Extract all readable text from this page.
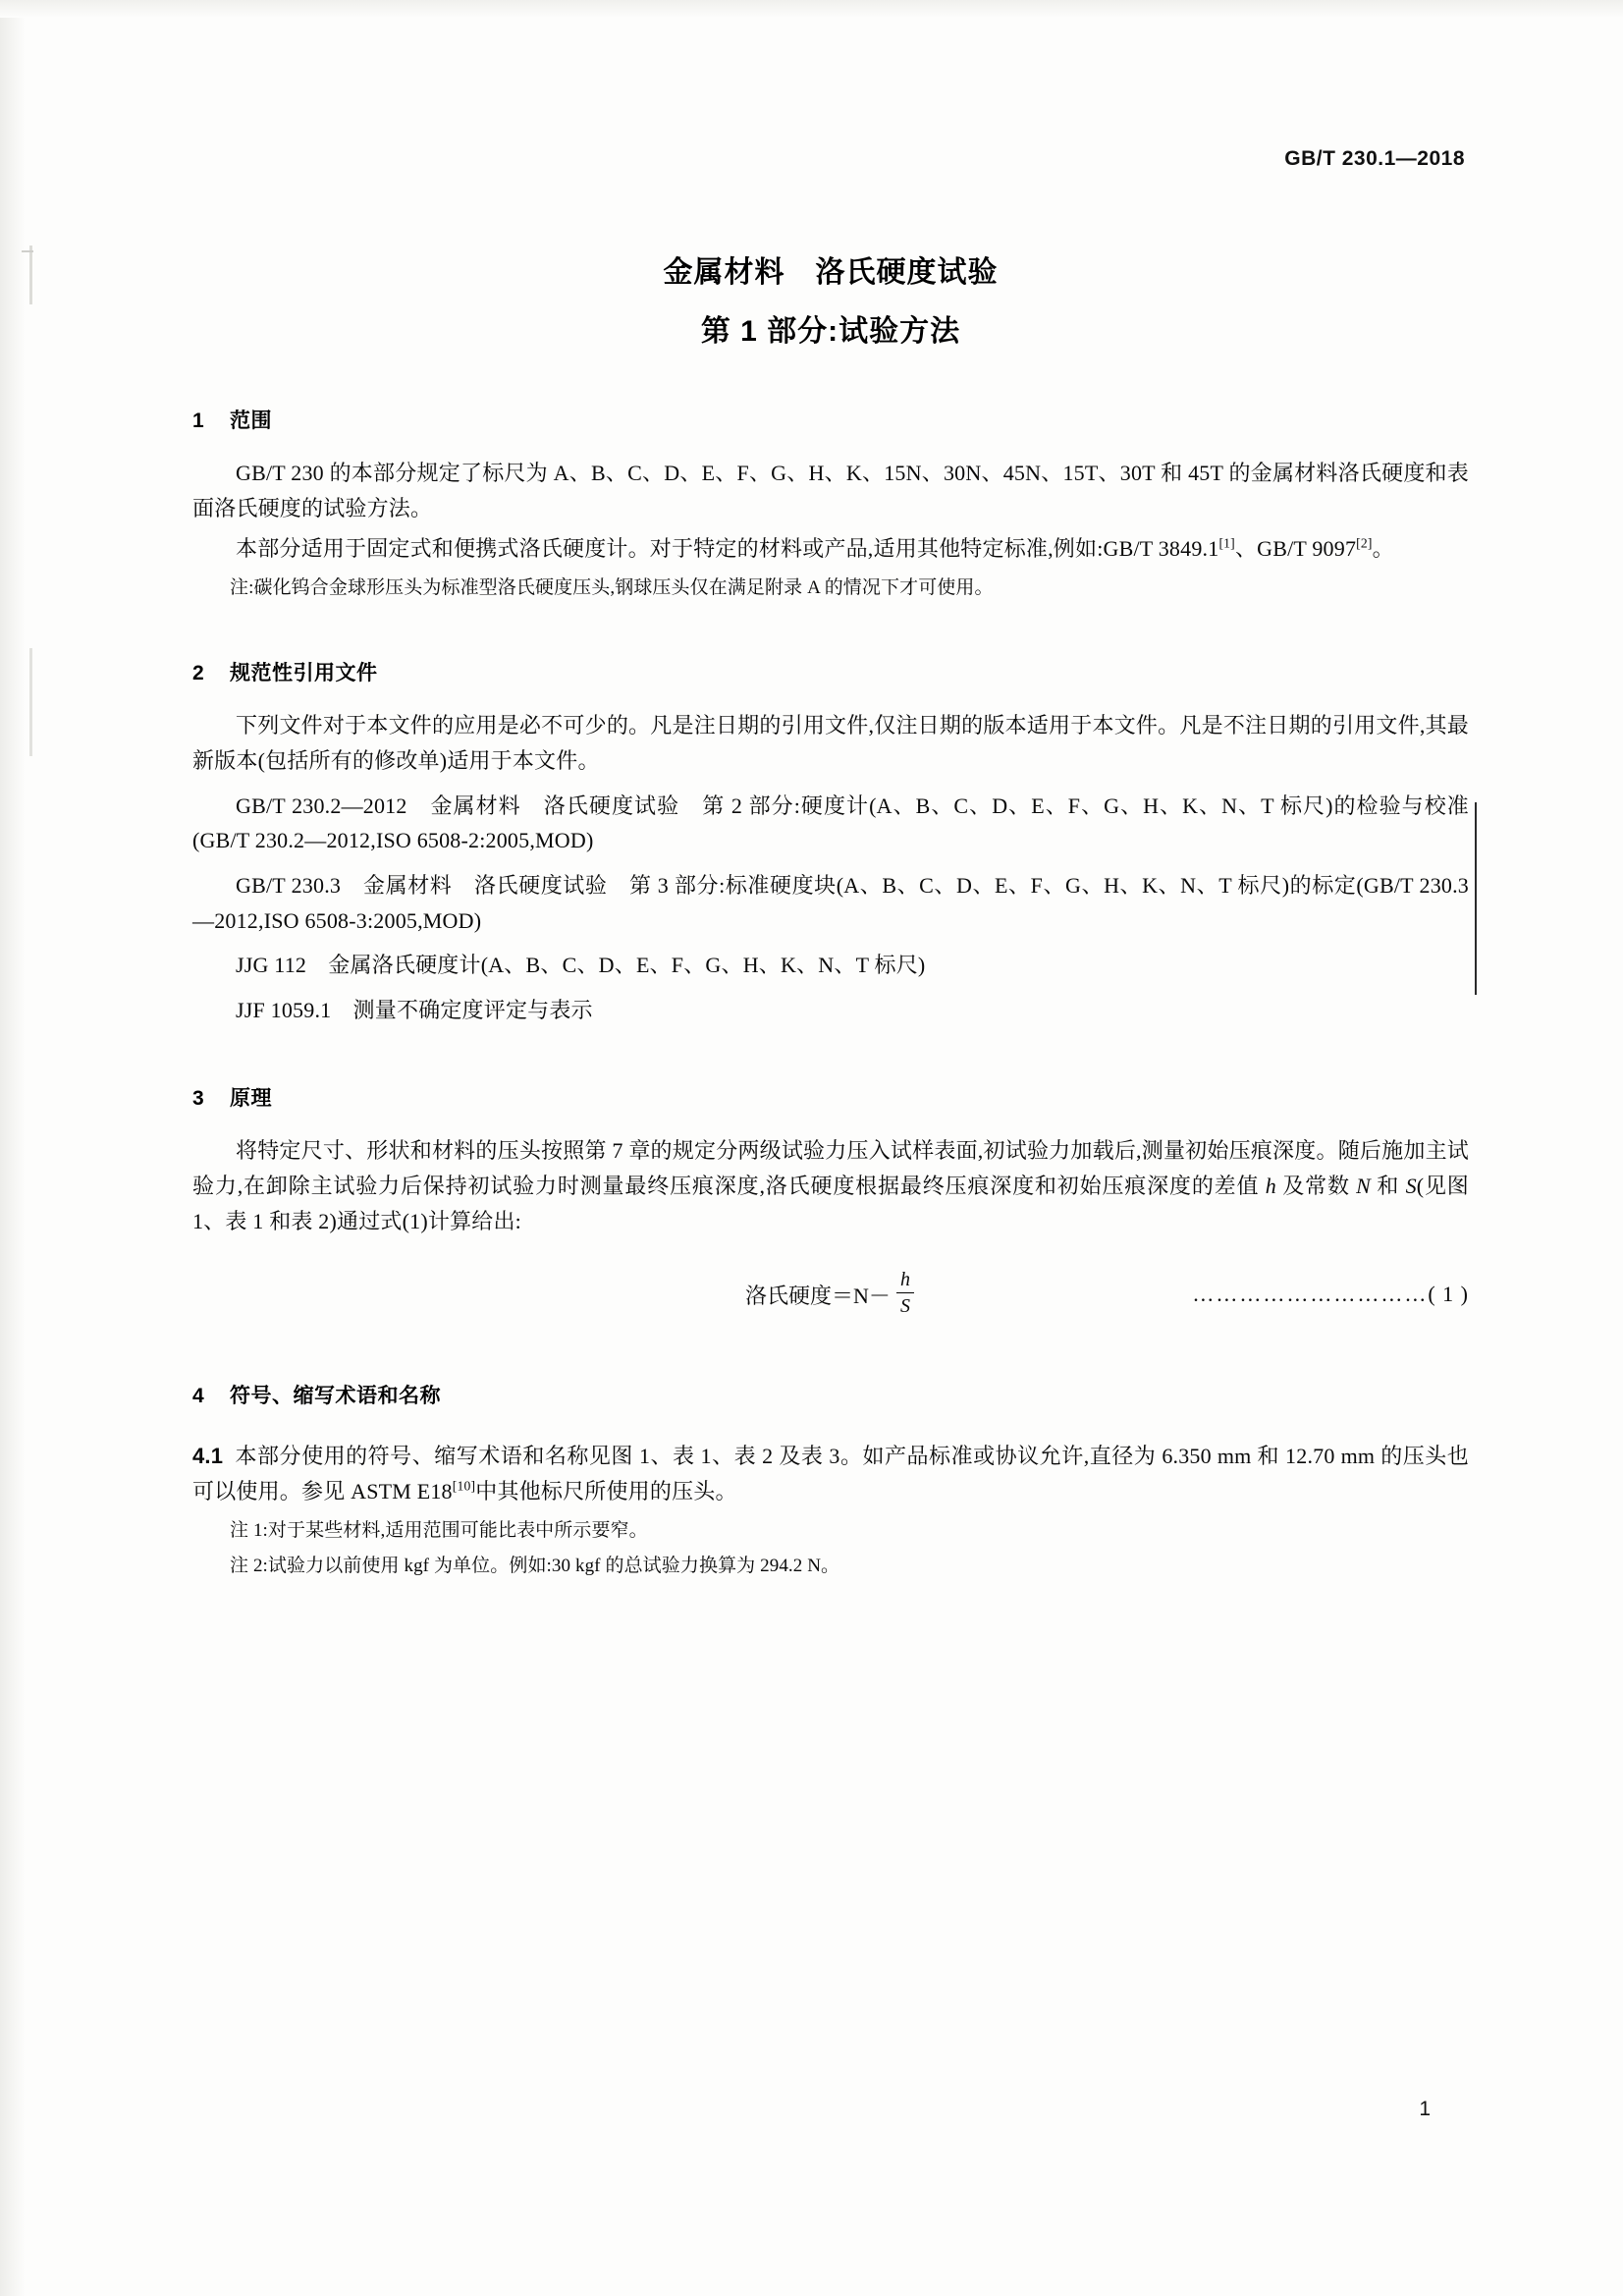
GB/T 230.1—2018
金属材料　洛氏硬度试验
第 1 部分:试验方法
1 范围

GB/T 230 的本部分规定了标尺为 A、B、C、D、E、F、G、H、K、15N、30N、45N、15T、30T 和 45T 的金属材料洛氏硬度和表面洛氏硬度的试验方法。

本部分适用于固定式和便携式洛氏硬度计。对于特定的材料或产品,适用其他特定标准,例如:GB/T 3849.1[1]、GB/T 9097[2]。

注:碳化钨合金球形压头为标准型洛氏硬度压头,钢球压头仅在满足附录 A 的情况下才可使用。

2 规范性引用文件

下列文件对于本文件的应用是必不可少的。凡是注日期的引用文件,仅注日期的版本适用于本文件。凡是不注日期的引用文件,其最新版本(包括所有的修改单)适用于本文件。

GB/T 230.2—2012　金属材料　洛氏硬度试验　第 2 部分:硬度计(A、B、C、D、E、F、G、H、K、N、T 标尺)的检验与校准(GB/T 230.2—2012,ISO 6508-2:2005,MOD)

GB/T 230.3　金属材料　洛氏硬度试验　第 3 部分:标准硬度块(A、B、C、D、E、F、G、H、K、N、T 标尺)的标定(GB/T 230.3—2012,ISO 6508-3:2005,MOD)

JJG 112　金属洛氏硬度计(A、B、C、D、E、F、G、H、K、N、T 标尺)

JJF 1059.1　测量不确定度评定与表示

3 原理

将特定尺寸、形状和材料的压头按照第 7 章的规定分两级试验力压入试样表面,初试验力加载后,测量初始压痕深度。随后施加主试验力,在卸除主试验力后保持初试验力时测量最终压痕深度,洛氏硬度根据最终压痕深度和初始压痕深度的差值 h 及常数 N 和 S(见图 1、表 1 和表 2)通过式(1)计算给出:

洛氏硬度$=N- \frac{h}{S}$	…………………………( 1 )
4 符号、缩写术语和名称

4.1 本部分使用的符号、缩写术语和名称见图 1、表 1、表 2 及表 3。如产品标准或协议允许,直径为 6.350 mm 和 12.70 mm 的压头也可以使用。参见 ASTM E18[10]中其他标尺所使用的压头。

注 1:对于某些材料,适用范围可能比表中所示要窄。

注 2:试验力以前使用 kgf 为单位。例如:30 kgf 的总试验力换算为 294.2 N。

1
